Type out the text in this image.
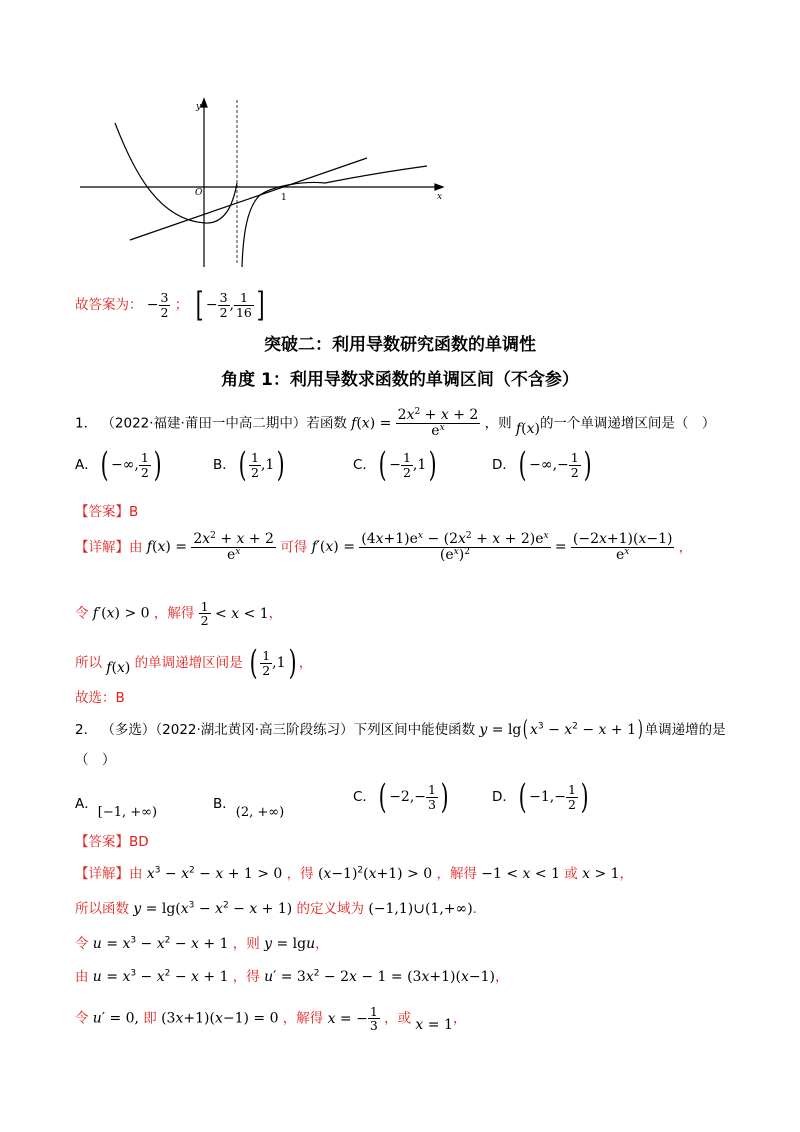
y
x
O	1
故答案为： − $\frac{3}{2}$ ； [ − $\frac{3}{2}$ , $\frac{1}{16}$ ]
突破二：利用导数研究函数的单调性
角度 1：利用导数求函数的单调区间（不含参）
1． （2022·福建·莆田一中高二期中）若函数 $f(x) = \frac{2x^2 + x + 2}{e^x}$ ，则 f(x)的一个单调递增区间是（　）
A．( −∞, $\frac{1}{2}$ )	B．( $\frac{1}{2} ,1$)	C．( − $\frac{1}{2} ,1$)	D．( −∞,− $\frac{1}{2}$ )
【答案】B
【详解】由 $f(x) = \frac{2x^2 + x + 2}{e^x}$ 可得 $f'(x) = \frac{(4x+1)e^x - (2x^2 + x + 2)e^x}{(e^x)^2} = \frac{(-2x+1)(x-1)}{e^x}$ ，
令 f′(x) > 0 ，解得 $\frac{1}{2} < x < 1$，
所以 f(x) 的单调递增区间是 ( $\frac{1}{2} ,1$) ，
故选：B
2． （多选）（2022·湖北黄冈·高三阶段练习）下列区间中能使函数 y = lg( $x^3 - x^2 - x + 1$) 单调递增的是
（　）
A．[−1, +∞)
B．(2, +∞)
C．( $-2,- \frac{1}{3}$ )	D．( $-1,- \frac{1}{2}$ )
【答案】BD
【详解】由 $x^3 - x^2 - x + 1 > 0$ ，得 $(x-1)^2(x+1) > 0$ ，解得 −1 < x < 1 或 x > 1，
所以函数 $y = \lg(x^3 - x^2 - x + 1)$ 的定义域为 (−1,1)∪(1,+∞)．
令 $u = x^3 - x^2 - x + 1$ ，则 y = lgu，
由 $u = x^3 - x^2 - x + 1$ ，得 $u' = 3x^2 - 2x - 1 = (3x+1)(x-1)$，
令 u′ = 0, 即 (3x+1)(x−1) = 0 ，解得 x = − $\frac{1}{3}$ ，或 x = 1，
